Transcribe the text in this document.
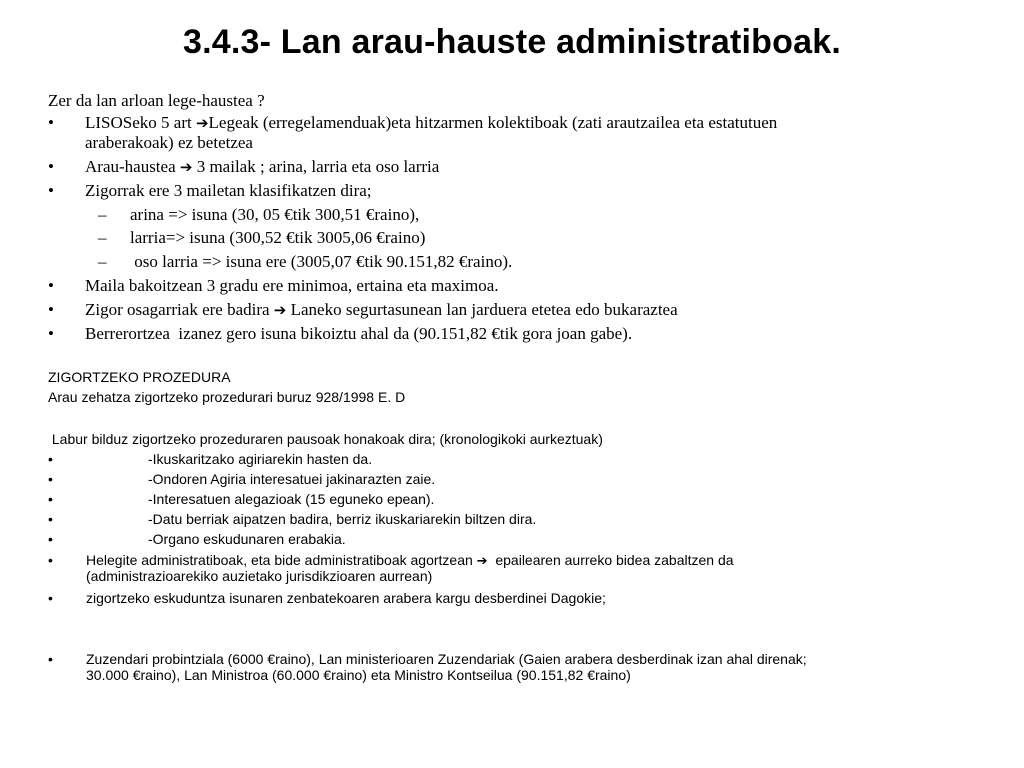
3.4.3- Lan arau-hauste administratiboak.
Zer da lan arloan lege-haustea ?
• LISOSeko 5 art ➔Legeak (erregelamenduak)eta hitzarmen kolektiboak (zati arautzailea eta estatutuen
araberakoak) ez betetzea
• Arau-haustea ➔ 3 mailak ; arina, larria eta oso larria
• Zigorrak ere 3 mailetan klasifikatzen dira;
– arina => isuna (30, 05 €tik 300,51 €raino),
– larria=> isuna (300,52 €tik 3005,06 €raino)
– oso larria => isuna ere (3005,07 €tik 90.151,82 €raino).
• Maila bakoitzean 3 gradu ere minimoa, ertaina eta maximoa.
• Zigor osagarriak ere badira ➔ Laneko segurtasunean lan jarduera etetea edo bukaraztea
• Berrerortzea  izanez gero isuna bikoiztu ahal da (90.151,82 €tik gora joan gabe).
ZIGORTZEKO PROZEDURA
Arau zehatza zigortzeko prozedurari buruz 928/1998 E. D
Labur bilduz zigortzeko prozeduraren pausoak honakoak dira; (kronologikoki aurkeztuak)
•	-Ikuskaritzako agiriarekin hasten da.
•	-Ondoren Agiria interesatuei jakinarazten zaie.
•	-Interesatuen alegazioak (15 eguneko epean).
•	-Datu berriak aipatzen badira, berriz ikuskariarekin biltzen dira.
•	-Organo eskudunaren erabakia.
• Helegite administratiboak, eta bide administratiboak agortzean ➔  epailearen aurreko bidea zabaltzen da
(administrazioarekiko auzietako jurisdikzioaren aurrean)
• zigortzeko eskuduntza isunaren zenbatekoaren arabera kargu desberdinei Dagokie;
• Zuzendari probintziala (6000 €raino), Lan ministerioaren Zuzendariak (Gaien arabera desberdinak izan ahal direnak;
30.000 €raino), Lan Ministroa (60.000 €raino) eta Ministro Kontseilua (90.151,82 €raino)
